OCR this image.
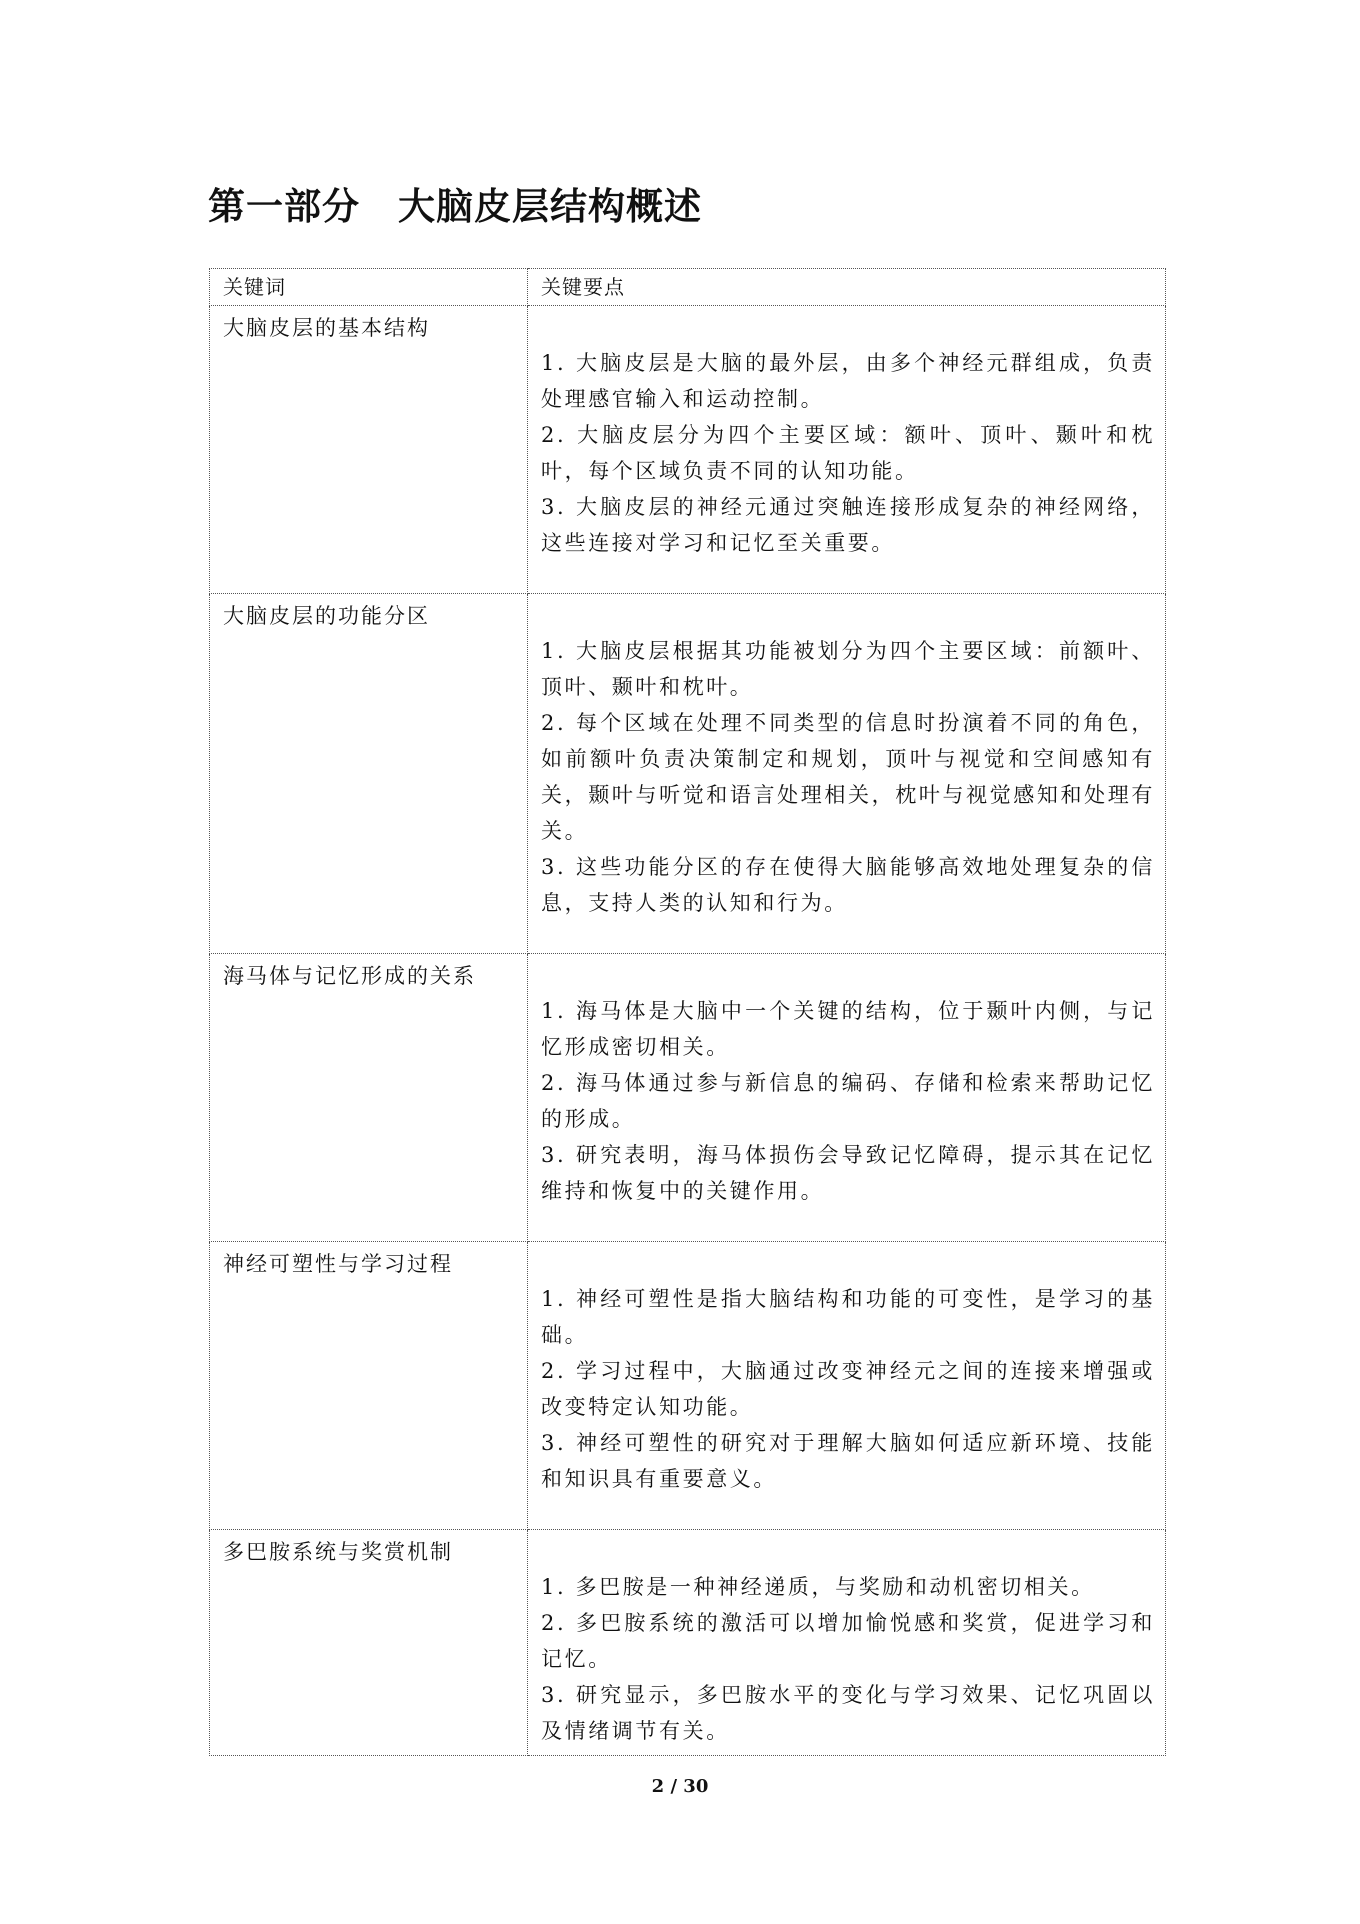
第一部分　大脑皮层结构概述
关键词	关键要点
大脑皮层的基本结构	1. 大脑皮层是大脑的最外层，由多个神经元群组成，负责处理感官输入和运动控制。
2. 大脑皮层分为四个主要区域：额叶、顶叶、颞叶和枕叶，每个区域负责不同的认知功能。
3. 大脑皮层的神经元通过突触连接形成复杂的神经网络，这些连接对学习和记忆至关重要。

大脑皮层的功能分区	1. 大脑皮层根据其功能被划分为四个主要区域：前额叶、顶叶、颞叶和枕叶。
2. 每个区域在处理不同类型的信息时扮演着不同的角色，如前额叶负责决策制定和规划，顶叶与视觉和空间感知有关，颞叶与听觉和语言处理相关，枕叶与视觉感知和处理有关。
3. 这些功能分区的存在使得大脑能够高效地处理复杂的信息，支持人类的认知和行为。

海马体与记忆形成的关系	1. 海马体是大脑中一个关键的结构，位于颞叶内侧，与记忆形成密切相关。
2. 海马体通过参与新信息的编码、存储和检索来帮助记忆的形成。
3. 研究表明，海马体损伤会导致记忆障碍，提示其在记忆维持和恢复中的关键作用。

神经可塑性与学习过程	1. 神经可塑性是指大脑结构和功能的可变性，是学习的基础。
2. 学习过程中，大脑通过改变神经元之间的连接来增强或改变特定认知功能。
3. 神经可塑性的研究对于理解大脑如何适应新环境、技能和知识具有重要意义。

多巴胺系统与奖赏机制	1. 多巴胺是一种神经递质，与奖励和动机密切相关。
2. 多巴胺系统的激活可以增加愉悦感和奖赏，促进学习和记忆。
3. 研究显示，多巴胺水平的变化与学习效果、记忆巩固以及情绪调节有关。
2 / 30
